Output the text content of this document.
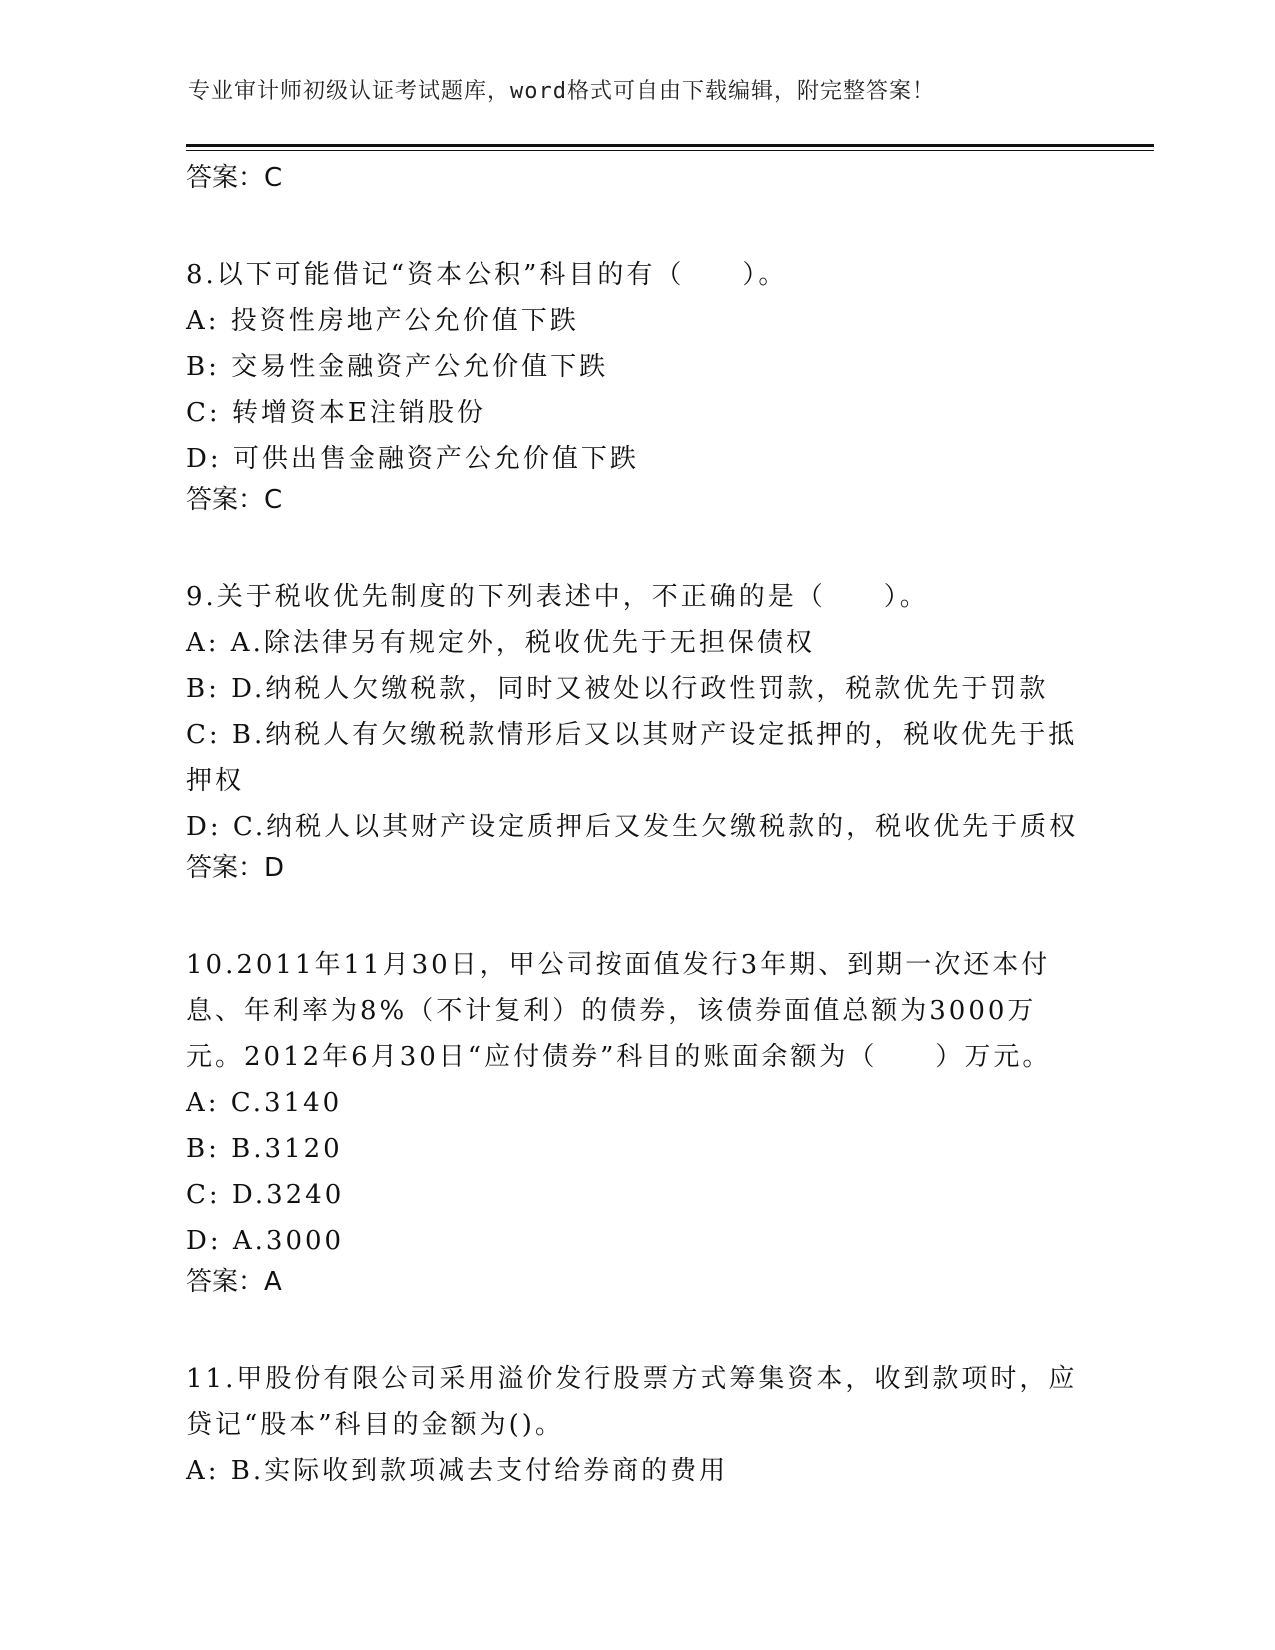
专业审计师初级认证考试题库，word格式可自由下载编辑，附完整答案！

答案：C

8.以下可能借记“资本公积”科目的有（　　）。

A: 投资性房地产公允价值下跌

B: 交易性金融资产公允价值下跌

C: 转增资本E注销股份

D: 可供出售金融资产公允价值下跌

答案：C

9.关于税收优先制度的下列表述中，不正确的是（　　）。

A: A.除法律另有规定外，税收优先于无担保债权

B: D.纳税人欠缴税款，同时又被处以行政性罚款，税款优先于罚款

C: B.纳税人有欠缴税款情形后又以其财产设定抵押的，税收优先于抵押权

D: C.纳税人以其财产设定质押后又发生欠缴税款的，税收优先于质权

答案：D

10.2011年11月30日，甲公司按面值发行3年期、到期一次还本付息、年利率为8%（不计复利）的债券，该债券面值总额为3000万元。2012年6月30日“应付债券”科目的账面余额为（　　）万元。

A: C.3140

B: B.3120

C: D.3240

D: A.3000

答案：A

11.甲股份有限公司采用溢价发行股票方式筹集资本，收到款项时，应贷记“股本”科目的金额为()。

A: B.实际收到款项减去支付给券商的费用
